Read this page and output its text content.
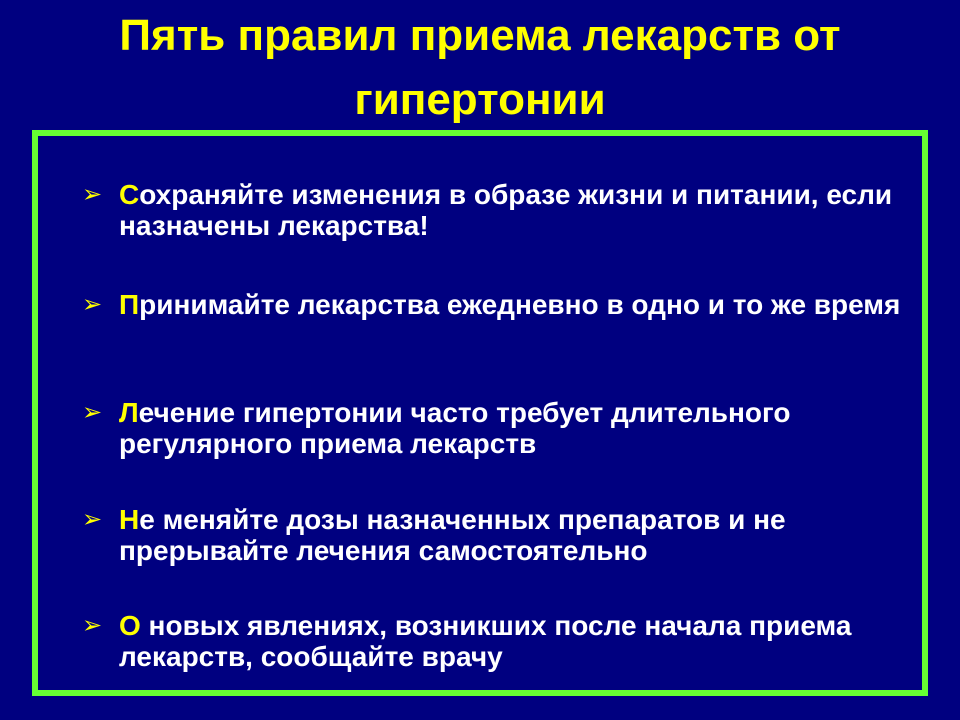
Пять правил приема лекарств от гипертонии
➢ Сохраняйте изменения в образе жизни и питании, если назначены лекарства!
➢ Принимайте лекарства ежедневно в одно и то же время
➢ Лечение гипертонии часто требует длительного регулярного приема лекарств
➢ Не меняйте дозы назначенных препаратов и не прерывайте лечения самостоятельно
➢ О новых явлениях, возникших после начала приема лекарств, сообщайте врачу
